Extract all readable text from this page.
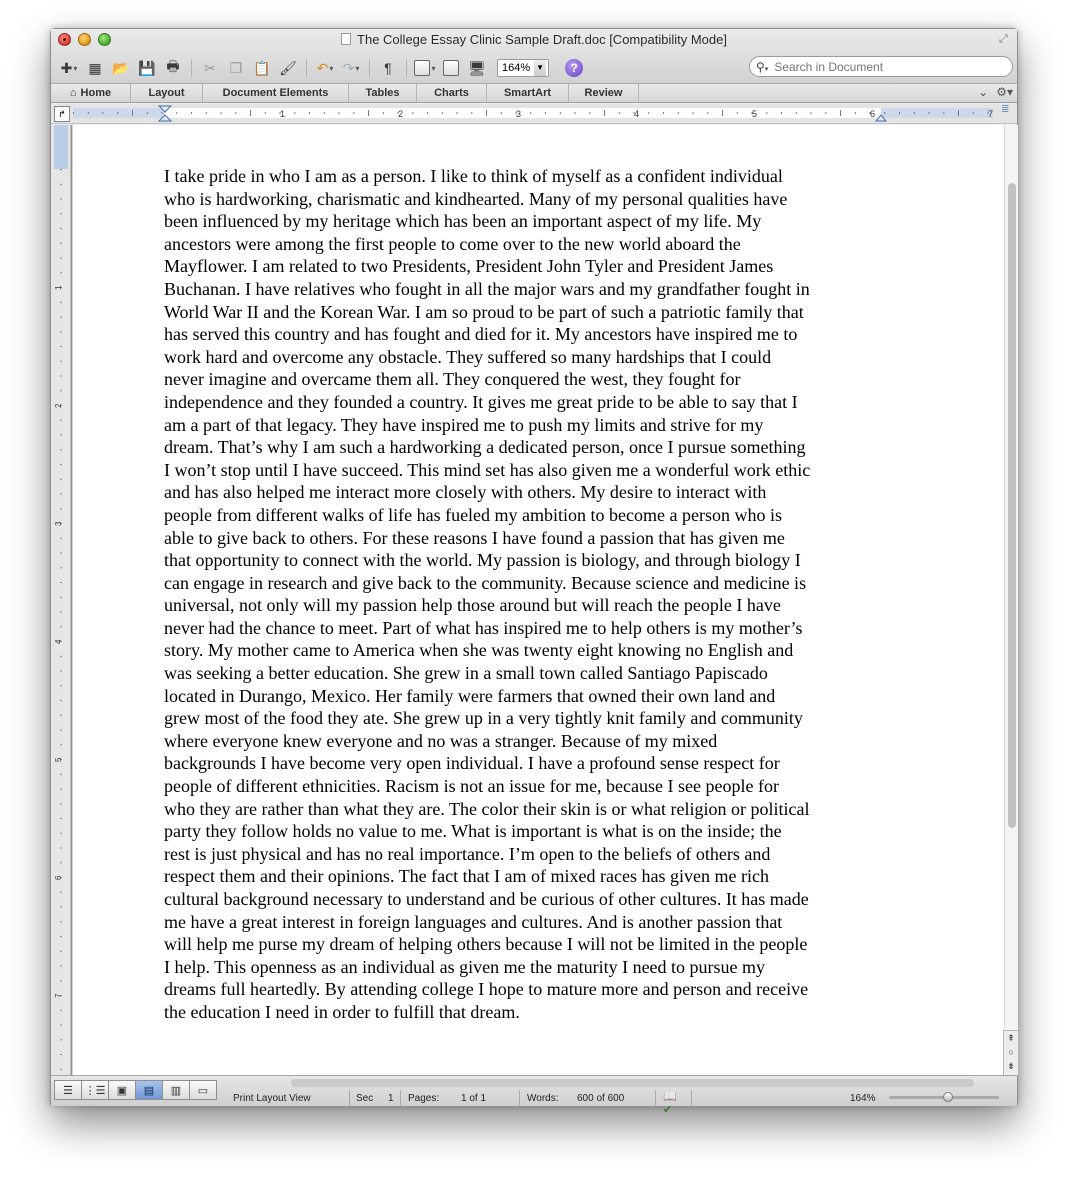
The College Essay Clinic Sample Draft.doc [Compatibility Mode]	⤢
✚
▾ ▦ 📂 💾 🖶 ✂ ❐ 📋 🖌 ↶
▾ ↷
▾ ¶
▾	🖥 164% ▼	?	⚲ ▾
Search in Document
⌂ Home	Layout	Document Elements	Tables	Charts	SmartArt	Review	⌄ ⚙▾
↱	1	2	3	4	5	6	7 ≣
1
2
3
4
5
6
7
I take pride in who I am as a person. I like to think of myself as a confident individual
who is hardworking, charismatic and kindhearted. Many of my personal qualities have
been influenced by my heritage which has been an important aspect of my life. My
ancestors were among the first people to come over to the new world aboard the
Mayflower. I am related to two Presidents, President John Tyler and President James
Buchanan. I have relatives who fought in all the major wars and my grandfather fought in
World War II and the Korean War. I am so proud to be part of such a patriotic family that
has served this country and has fought and died for it. My ancestors have inspired me to
work hard and overcome any obstacle. They suffered so many hardships that I could
never imagine and overcame them all. They conquered the west, they fought for
independence and they founded a country. It gives me great pride to be able to say that I
am a part of that legacy. They have inspired me to push my limits and strive for my
dream. That’s why I am such a hardworking a dedicated person, once I pursue something
I won’t stop until I have succeed. This mind set has also given me a wonderful work ethic
and has also helped me interact more closely with others. My desire to interact with
people from different walks of life has fueled my ambition to become a person who is
able to give back to others. For these reasons I have found a passion that has given me
that opportunity to connect with the world. My passion is biology, and through biology I
can engage in research and give back to the community. Because science and medicine is
universal, not only will my passion help those around but will reach the people I have
never had the chance to meet. Part of what has inspired me to help others is my mother’s
story. My mother came to America when she was twenty eight knowing no English and
was seeking a better education. She grew in a small town called Santiago Papiscado
located in Durango, Mexico. Her family were farmers that owned their own land and
grew most of the food they ate. She grew up in a very tightly knit family and community
where everyone knew everyone and no was a stranger. Because of my mixed
backgrounds I have become very open individual. I have a profound sense respect for
people of different ethnicities. Racism is not an issue for me, because I see people for
who they are rather than what they are. The color their skin is or what religion or political
party they follow holds no value to me. What is important is what is on the inside; the
rest is just physical and has no real importance. I’m open to the beliefs of others and
respect them and their opinions. The fact that I am of mixed races has given me rich
cultural background necessary to understand and be curious of other cultures. It has made
me have a great interest in foreign languages and cultures. And is another passion that
will help me purse my dream of helping others because I will not be limited in the people
I help. This openness as an individual as given me the maturity I need to pursue my
dreams full heartedly. By attending college I hope to mature more and person and receive
the education I need in order to fulfill that dream.
⇞
○
⇟
☰ ⋮☰ ▣ ▤ ▥ ▭
Print Layout View	Sec 1 Pages: 1 of 1	Words: 600 of 600	📖✔
164%
